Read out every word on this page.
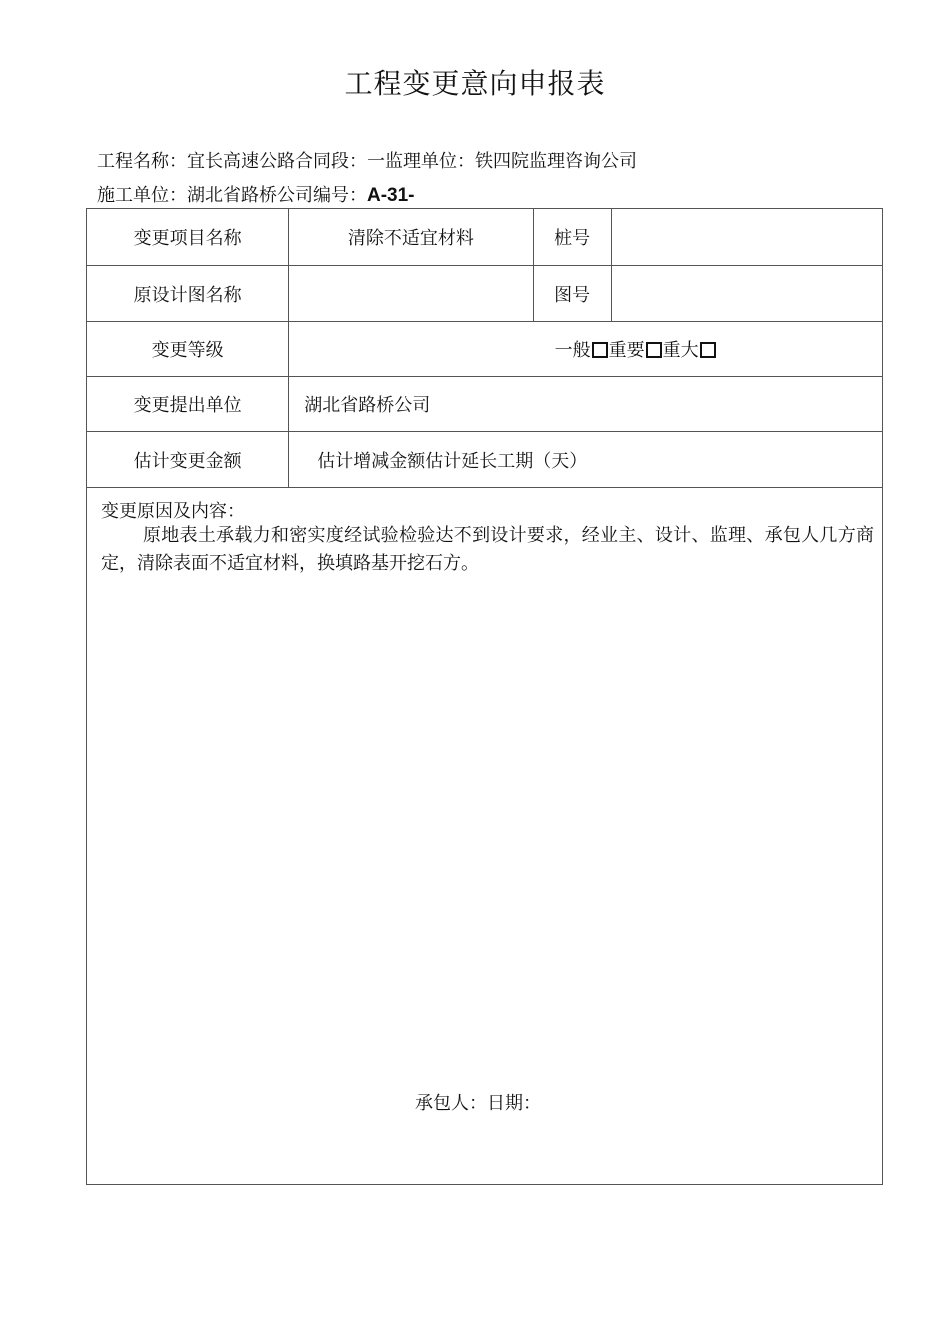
工程变更意向申报表
工程名称：宜长高速公路合同段：一监理单位：铁四院监理咨询公司
施工单位：湖北省路桥公司编号：A-31-
变更项目名称	清除不适宜材料	桩号	
原设计图名称		图号	
变更等级	一般 重要 重大		
变更提出单位	湖北省路桥公司		
估计变更金额	估计增减金额估计延长工期（天）		

变更原因及内容：
原地表土承载力和密实度经试验检验达不到设计要求，经业主、设计、监理、承包人几方商定，清除表面不适宜材料，换填路基开挖石方。
承包人：日期：			
